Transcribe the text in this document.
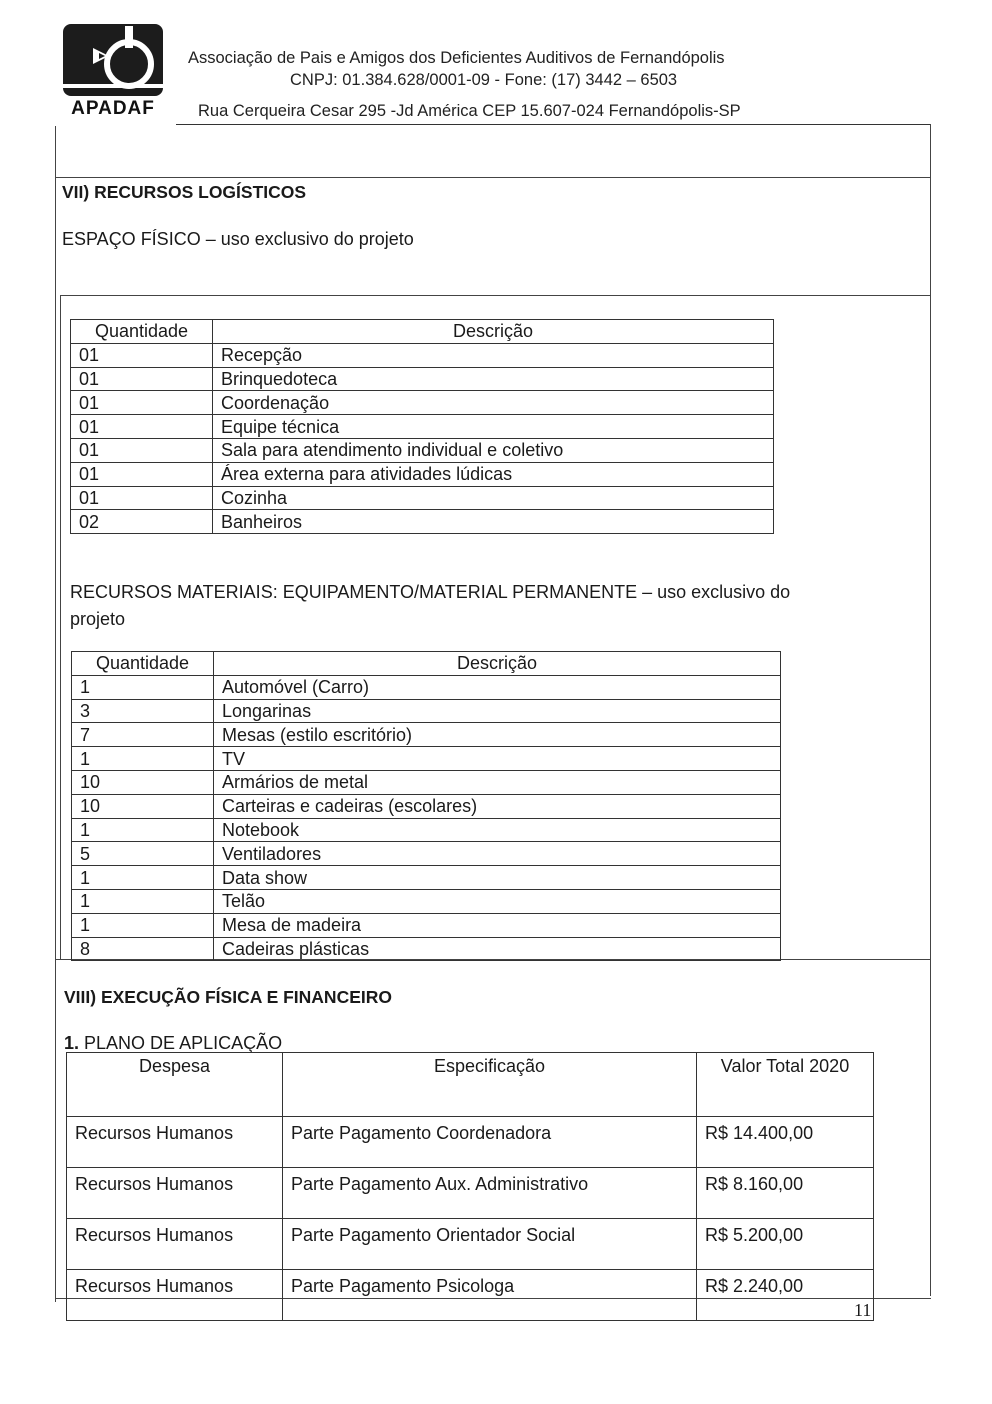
APADAF
Associação de Pais e Amigos dos Deficientes Auditivos de Fernandópolis
CNPJ: 01.384.628/0001-09 - Fone: (17) 3442 – 6503
Rua Cerqueira Cesar 295 -Jd América CEP 15.607-024 Fernandópolis-SP
VII) RECURSOS LOGÍSTICOS
ESPAÇO FÍSICO – uso exclusivo do projeto
Quantidade	Descrição
01	Recepção
01	Brinquedoteca
01	Coordenação
01	Equipe técnica
01	Sala para atendimento individual e coletivo
01	Área externa para atividades lúdicas
01	Cozinha
02	Banheiros
RECURSOS MATERIAIS: EQUIPAMENTO/MATERIAL PERMANENTE – uso exclusivo do
projeto
Quantidade	Descrição
1	Automóvel (Carro)
3	Longarinas
7	Mesas (estilo escritório)
1	TV
10	Armários de metal
10	Carteiras e cadeiras (escolares)
1	Notebook
5	Ventiladores
1	Data show
1	Telão
1	Mesa de madeira
8	Cadeiras plásticas
VIII) EXECUÇÃO FÍSICA E FINANCEIRO
1. PLANO DE APLICAÇÃO
Despesa	Especificação	Valor Total 2020
Recursos Humanos	Parte Pagamento Coordenadora	R$ 14.400,00
Recursos Humanos	Parte Pagamento Aux. Administrativo	R$ 8.160,00
Recursos Humanos	Parte Pagamento Orientador Social	R$ 5.200,00
Recursos Humanos	Parte Pagamento Psicologa	R$ 2.240,00
11
